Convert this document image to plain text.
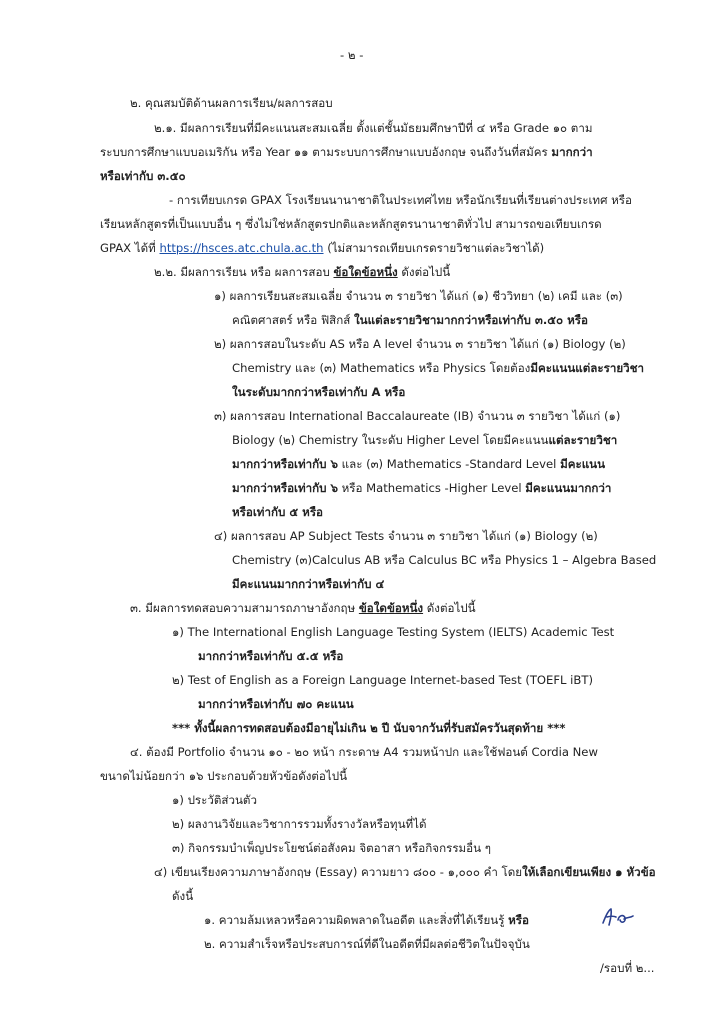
- ๒ -
๒. คุณสมบัติด้านผลการเรียน/ผลการสอบ
๒.๑. มีผลการเรียนที่มีคะแนนสะสมเฉลี่ย ตั้งแต่ชั้นมัธยมศึกษาปีที่ ๔ หรือ Grade ๑๐ ตาม
ระบบการศึกษาแบบอเมริกัน หรือ Year ๑๑ ตามระบบการศึกษาแบบอังกฤษ จนถึงวันที่สมัคร มากกว่า
หรือเท่ากับ ๓.๕๐
- การเทียบเกรด GPAX โรงเรียนนานาชาติในประเทศไทย หรือนักเรียนที่เรียนต่างประเทศ หรือ
เรียนหลักสูตรที่เป็นแบบอื่น ๆ ซึ่งไม่ใช่หลักสูตรปกติและหลักสูตรนานาชาติทั่วไป สามารถขอเทียบเกรด
GPAX ได้ที่ https://hsces.atc.chula.ac.th (ไม่สามารถเทียบเกรดรายวิชาแต่ละวิชาได้)
๒.๒. มีผลการเรียน หรือ ผลการสอบ ข้อใดข้อหนึ่ง ดังต่อไปนี้
๑) ผลการเรียนสะสมเฉลี่ย จำนวน ๓ รายวิชา ได้แก่ (๑) ชีววิทยา (๒) เคมี และ (๓)
คณิตศาสตร์ หรือ ฟิสิกส์ ในแต่ละรายวิชามากกว่าหรือเท่ากับ ๓.๕๐ หรือ
๒) ผลการสอบในระดับ AS หรือ A level จำนวน ๓ รายวิชา ได้แก่ (๑) Biology (๒)
Chemistry และ (๓) Mathematics หรือ Physics โดยต้องมีคะแนนแต่ละรายวิชา
ในระดับมากกว่าหรือเท่ากับ A หรือ
๓) ผลการสอบ International Baccalaureate (IB) จำนวน ๓ รายวิชา ได้แก่ (๑)
Biology (๒) Chemistry ในระดับ Higher Level โดยมีคะแนนแต่ละรายวิชา
มากกว่าหรือเท่ากับ ๖ และ (๓) Mathematics -Standard Level มีคะแนน
มากกว่าหรือเท่ากับ ๖ หรือ Mathematics -Higher Level มีคะแนนมากกว่า
หรือเท่ากับ ๕ หรือ
๔) ผลการสอบ AP Subject Tests จำนวน ๓ รายวิชา ได้แก่ (๑) Biology (๒)
Chemistry (๓)Calculus AB หรือ Calculus BC หรือ Physics 1 – Algebra Based
มีคะแนนมากกว่าหรือเท่ากับ ๔
๓. มีผลการทดสอบความสามารถภาษาอังกฤษ ข้อใดข้อหนึ่ง ดังต่อไปนี้
๑) The International English Language Testing System (IELTS) Academic Test
มากกว่าหรือเท่ากับ ๕.๕ หรือ
๒) Test of English as a Foreign Language Internet-based Test (TOEFL iBT)
มากกว่าหรือเท่ากับ ๗๐ คะแนน
*** ทั้งนี้ผลการทดสอบต้องมีอายุไม่เกิน ๒ ปี นับจากวันที่รับสมัครวันสุดท้าย ***
๔. ต้องมี Portfolio จำนวน ๑๐ - ๒๐ หน้า กระดาษ A4 รวมหน้าปก และใช้ฟอนต์ Cordia New
ขนาดไม่น้อยกว่า ๑๖ ประกอบด้วยหัวข้อดังต่อไปนี้
๑) ประวัติส่วนตัว
๒) ผลงานวิจัยและวิชาการรวมทั้งรางวัลหรือทุนที่ได้
๓) กิจกรรมบำเพ็ญประโยชน์ต่อสังคม จิตอาสา หรือกิจกรรมอื่น ๆ
๔) เขียนเรียงความภาษาอังกฤษ (Essay) ความยาว ๘๐๐ - ๑,๐๐๐ คำ โดยให้เลือกเขียนเพียง ๑ หัวข้อ
ดังนี้
๑. ความล้มเหลวหรือความผิดพลาดในอดีต และสิ่งที่ได้เรียนรู้ หรือ
๒. ความสำเร็จหรือประสบการณ์ที่ดีในอดีตที่มีผลต่อชีวิตในปัจจุบัน
/รอบที่ ๒...
